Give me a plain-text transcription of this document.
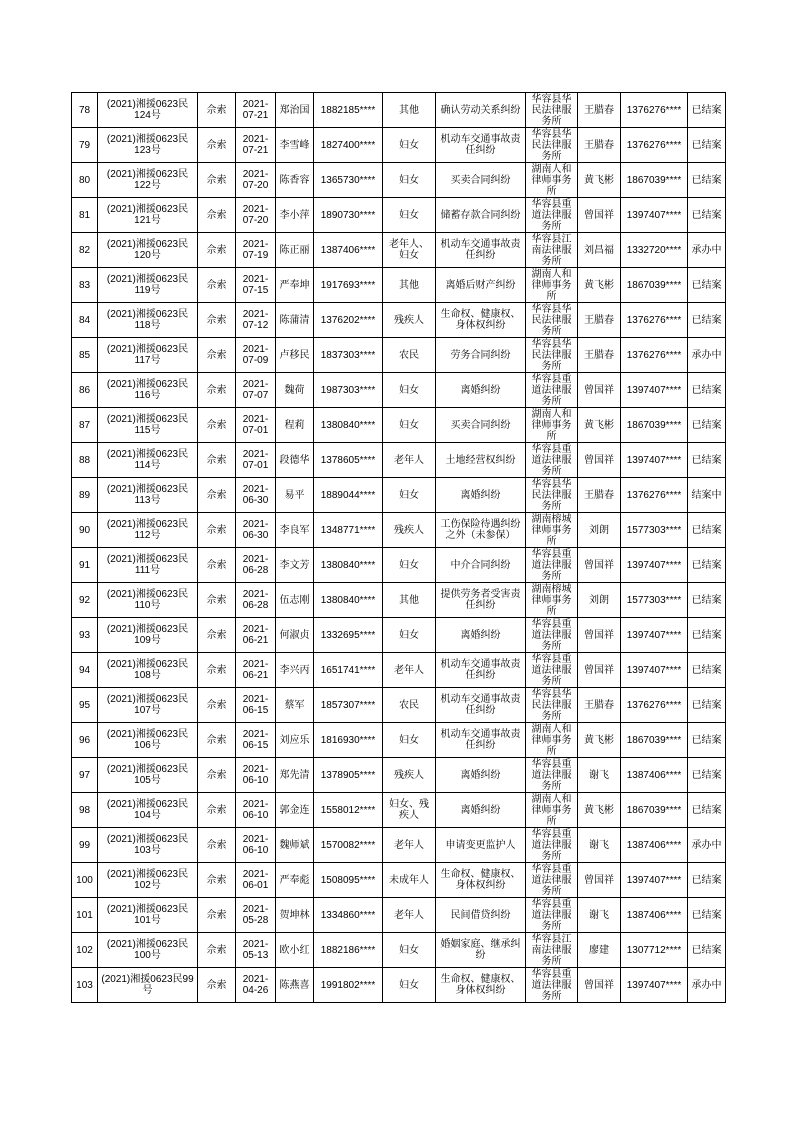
78	(2021)湘援0623民124号	佘索	2021-07-21	郑治国	1882185****	其他	确认劳动关系纠纷	华容县华民法律服务所	王腊春	1376276****	已结案
79	(2021)湘援0623民123号	佘索	2021-07-21	李雪峰	1827400****	妇女	机动车交通事故责任纠纷	华容县华民法律服务所	王腊春	1376276****	已结案
80	(2021)湘援0623民122号	佘索	2021-07-20	陈香容	1365730****	妇女	买卖合同纠纷	湖南人和律师事务所	黄飞彬	1867039****	已结案
81	(2021)湘援0623民121号	佘索	2021-07-20	李小萍	1890730****	妇女	储蓄存款合同纠纷	华容县重道法律服务所	曾国祥	1397407****	已结案
82	(2021)湘援0623民120号	佘索	2021-07-19	陈正丽	1387406****	老年人、妇女	机动车交通事故责任纠纷	华容县江南法律服务所	刘昌福	1332720****	承办中
83	(2021)湘援0623民119号	佘索	2021-07-15	严奉坤	1917693****	其他	离婚后财产纠纷	湖南人和律师事务所	黄飞彬	1867039****	已结案
84	(2021)湘援0623民118号	佘索	2021-07-12	陈蒲清	1376202****	残疾人	生命权、健康权、身体权纠纷	华容县华民法律服务所	王腊春	1376276****	已结案
85	(2021)湘援0623民117号	佘索	2021-07-09	卢移民	1837303****	农民	劳务合同纠纷	华容县华民法律服务所	王腊春	1376276****	承办中
86	(2021)湘援0623民116号	佘索	2021-07-07	魏荷	1987303****	妇女	离婚纠纷	华容县重道法律服务所	曾国祥	1397407****	已结案
87	(2021)湘援0623民115号	佘索	2021-07-01	程莉	1380840****	妇女	买卖合同纠纷	湖南人和律师事务所	黄飞彬	1867039****	已结案
88	(2021)湘援0623民114号	佘索	2021-07-01	段德华	1378605****	老年人	土地经营权纠纷	华容县重道法律服务所	曾国祥	1397407****	已结案
89	(2021)湘援0623民113号	佘索	2021-06-30	易平	1889044****	妇女	离婚纠纷	华容县华民法律服务所	王腊春	1376276****	结案中
90	(2021)湘援0623民112号	佘索	2021-06-30	李良军	1348771****	残疾人	工伤保险待遇纠纷之外（未参保）	湖南榕城律师事务所	刘朗	1577303****	已结案
91	(2021)湘援0623民111号	佘索	2021-06-28	李文芳	1380840****	妇女	中介合同纠纷	华容县重道法律服务所	曾国祥	1397407****	已结案
92	(2021)湘援0623民110号	佘索	2021-06-28	伍志刚	1380840****	其他	提供劳务者受害责任纠纷	湖南榕城律师事务所	刘朗	1577303****	已结案
93	(2021)湘援0623民109号	佘索	2021-06-21	何淑贞	1332695****	妇女	离婚纠纷	华容县重道法律服务所	曾国祥	1397407****	已结案
94	(2021)湘援0623民108号	佘索	2021-06-21	李兴丙	1651741****	老年人	机动车交通事故责任纠纷	华容县重道法律服务所	曾国祥	1397407****	已结案
95	(2021)湘援0623民107号	佘索	2021-06-15	蔡军	1857307****	农民	机动车交通事故责任纠纷	华容县华民法律服务所	王腊春	1376276****	已结案
96	(2021)湘援0623民106号	佘索	2021-06-15	刘应乐	1816930****	妇女	机动车交通事故责任纠纷	湖南人和律师事务所	黄飞彬	1867039****	已结案
97	(2021)湘援0623民105号	佘索	2021-06-10	郑先清	1378905****	残疾人	离婚纠纷	华容县重道法律服务所	谢飞	1387406****	已结案
98	(2021)湘援0623民104号	佘索	2021-06-10	郭金连	1558012****	妇女、残疾人	离婚纠纷	湖南人和律师事务所	黄飞彬	1867039****	已结案
99	(2021)湘援0623民103号	佘索	2021-06-10	魏师斌	1570082****	老年人	申请变更监护人	华容县重道法律服务所	谢飞	1387406****	承办中
100	(2021)湘援0623民102号	佘索	2021-06-01	严奉彪	1508095****	未成年人	生命权、健康权、身体权纠纷	华容县重道法律服务所	曾国祥	1397407****	已结案
101	(2021)湘援0623民101号	佘索	2021-05-28	贺坤林	1334860****	老年人	民间借贷纠纷	华容县重道法律服务所	谢飞	1387406****	已结案
102	(2021)湘援0623民100号	佘索	2021-05-13	欧小红	1882186****	妇女	婚姻家庭、继承纠纷	华容县江南法律服务所	廖建	1307712****	已结案
103	(2021)湘援0623民99号	佘索	2021-04-26	陈燕喜	1991802****	妇女	生命权、健康权、身体权纠纷	华容县重道法律服务所	曾国祥	1397407****	承办中
